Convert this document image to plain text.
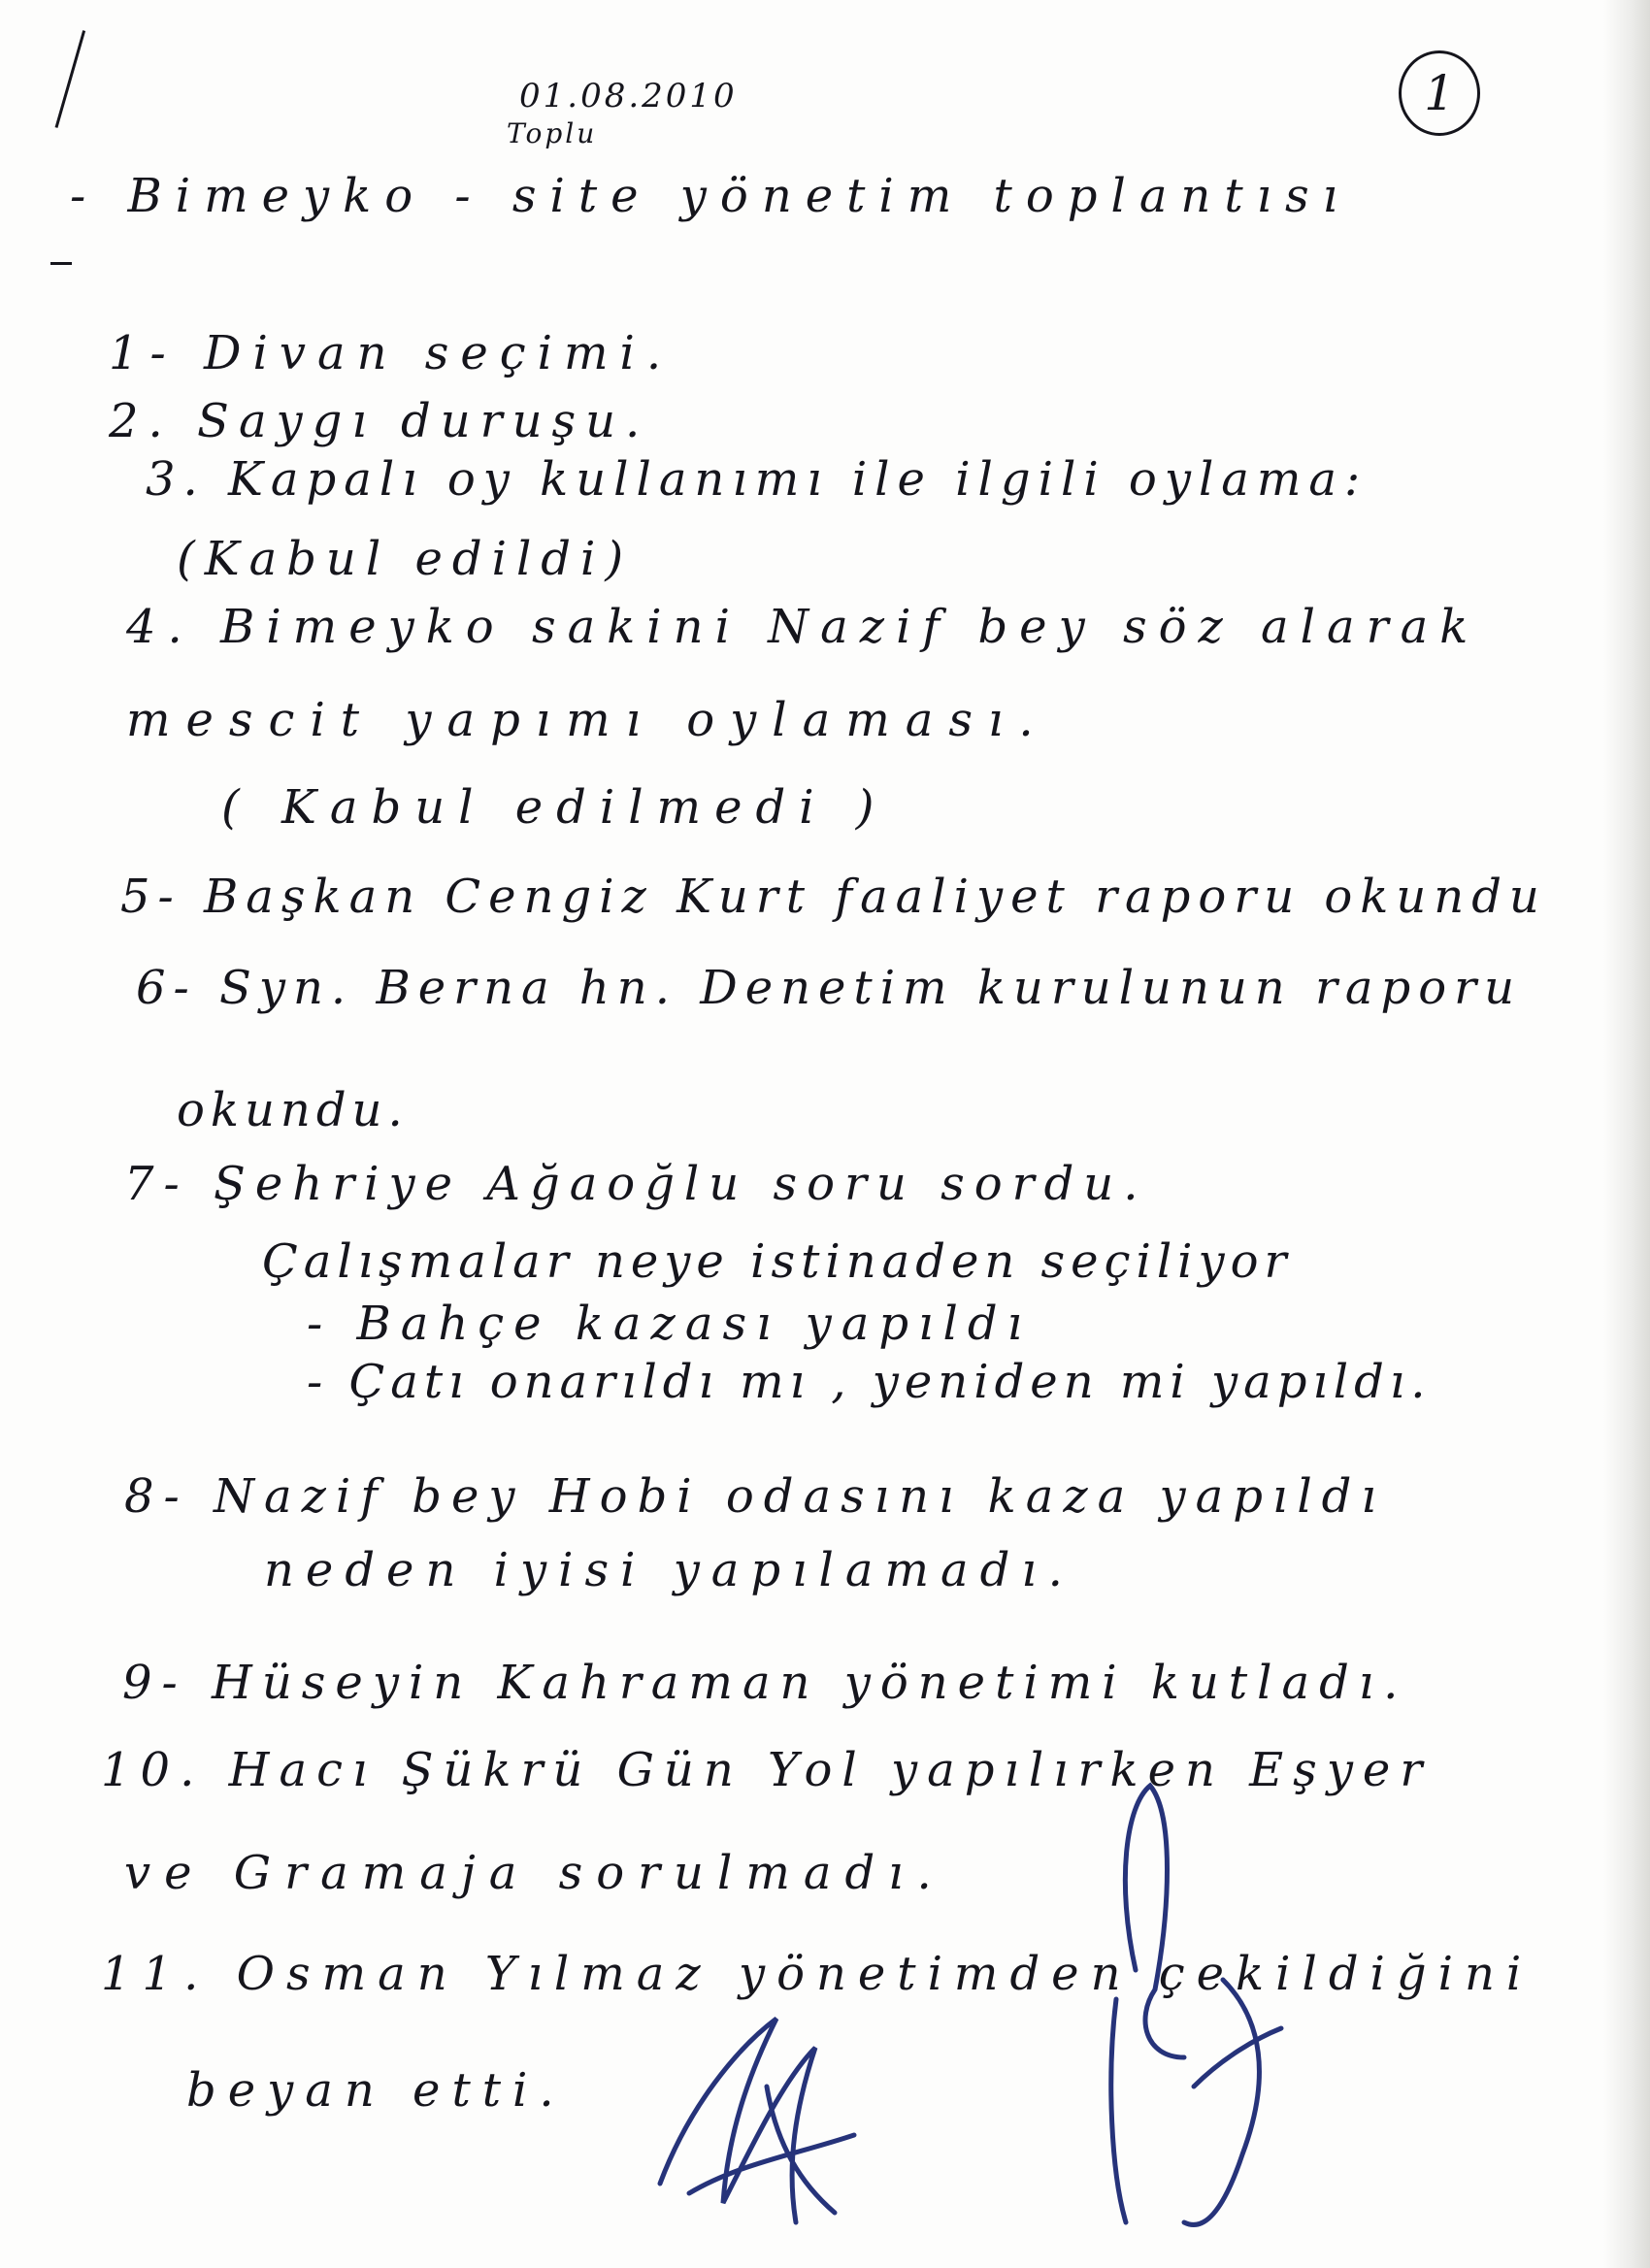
01.08.2010
Toplu
1
- Bimeyko - site yönetim toplantısı
1- Divan seçimi.
2. Saygı duruşu.
3. Kapalı oy kullanımı ile ilgili oylama:
(Kabul edildi)
4. Bimeyko sakini Nazif bey söz alarak
mescit yapımı oylaması.
( Kabul edilmedi )
5- Başkan Cengiz Kurt faaliyet raporu okundu
6- Syn. Berna hn. Denetim kurulunun raporu
okundu.
7- Şehriye Ağaoğlu soru sordu.
Çalışmalar neye istinaden seçiliyor
- Bahçe kazası yapıldı
- Çatı onarıldı mı , yeniden mi yapıldı.
8- Nazif bey Hobi odasını kaza yapıldı
neden iyisi yapılamadı.
9- Hüseyin Kahraman yönetimi kutladı.
10. Hacı Şükrü Gün Yol yapılırken Eşyer
ve Gramaja sorulmadı.
11. Osman Yılmaz yönetimden çekildiğini
beyan etti.
